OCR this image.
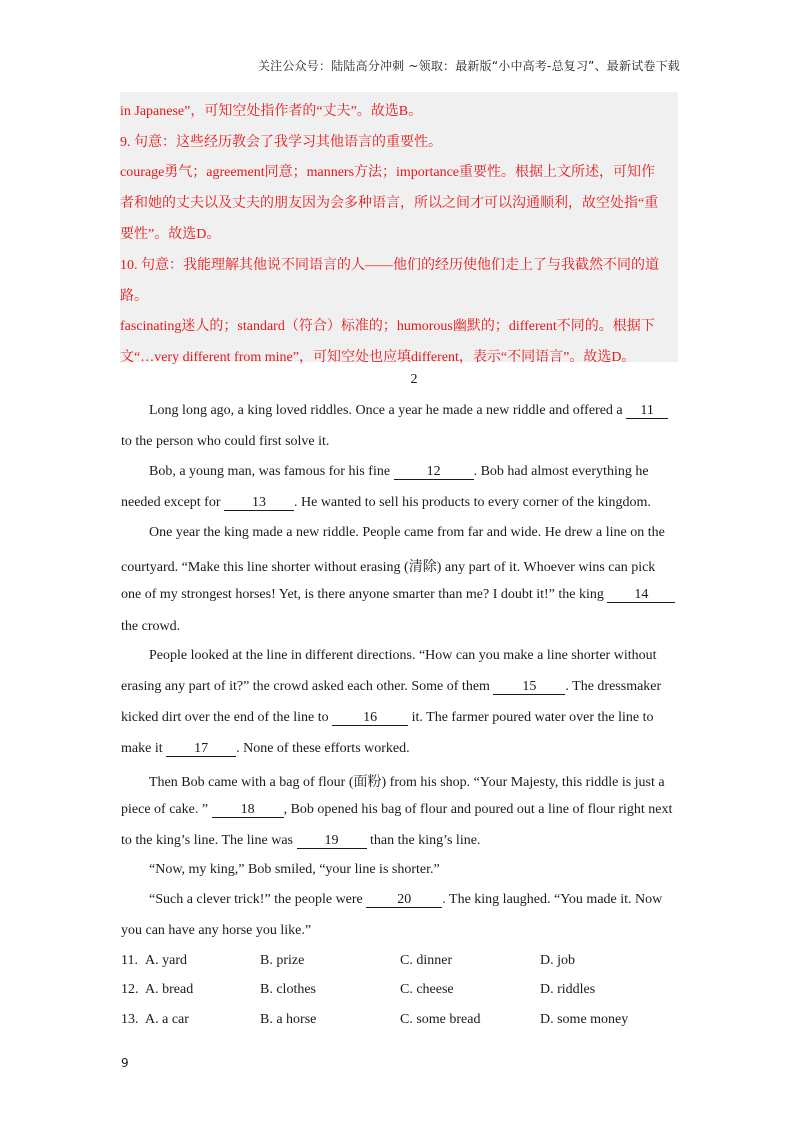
关注公众号：陆陆高分冲刺 ~领取：最新版“小中高考-总复习”、最新试卷下载
in Japanese”，可知空处指作者的“丈夫”。故选B。
9. 句意：这些经历教会了我学习其他语言的重要性。
courage勇气；agreement同意；manners方法；importance重要性。根据上文所述，可知作
者和她的丈夫以及丈夫的朋友因为会多种语言，所以之间才可以沟通顺利，故空处指“重
要性”。故选D。
10. 句意：我能理解其他说不同语言的人——他们的经历使他们走上了与我截然不同的道
路。
fascinating迷人的；standard（符合）标准的；humorous幽默的；different不同的。根据下
文“…very different from mine”，可知空处也应填different，表示“不同语言”。故选D。
2
Long long ago, a king loved riddles. Once a year he made a new riddle and offered a 11
to the person who could first solve it.
Bob, a young man, was famous for his fine 12 . Bob had almost everything he
needed except for 13 . He wanted to sell his products to every corner of the kingdom.
One year the king made a new riddle. People came from far and wide. He drew a line on the
courtyard. “Make this line shorter without erasing (清除) any part of it. Whoever wins can pick
one of my strongest horses! Yet, is there anyone smarter than me? I doubt it!” the king 14
the crowd.
People looked at the line in different directions. “How can you make a line shorter without
erasing any part of it?” the crowd asked each other. Some of them 15 . The dressmaker
kicked dirt over the end of the line to 16 it. The farmer poured water over the line to
make it 17 . None of these efforts worked.
Then Bob came with a bag of flour (面粉) from his shop. “Your Majesty, this riddle is just a
piece of cake. ” 18 , Bob opened his bag of flour and poured out a line of flour right next
to the king’s line. The line was 19 than the king’s line.
“Now, my king,” Bob smiled, “your line is shorter.”
“Such a clever trick!” the people were 20 . The king laughed. “You made it. Now
you can have any horse you like.”
11. A. yard	B. prize	C. dinner	D. job
12. A. bread	B. clothes	C. cheese	D. riddles
13. A. a car	B. a horse	C. some bread	D. some money
9
